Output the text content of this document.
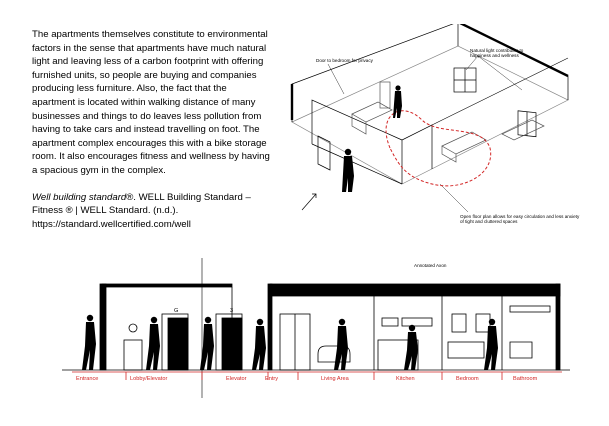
The apartments themselves constitute to environmental factors in the sense that apartments have much natural light and leaving less of a carbon footprint with offering furnished units, so people are buying and companies producing less furniture. Also, the fact that the apartment is located within walking distance of many businesses and things to do leaves less pollution from having to take cars and instead travelling on foot. The apartment complex encourages this with a bike storage room. It also encourages fitness and wellness by having a spacious gym in the complex.

Well building standard®. WELL Building Standard – Fitness ® | WELL Standard. (n.d.).
https://standard.wellcertified.com/well

Door to bedroom for privacy
Natural light contributes to happiness and wellness
Open floor plan allows for easy circulation and less anxiety of tight and cluttered spaces
Annotated Axon
Entrance	Lobby/Elevator	Elevator	Entry	Living Area	Kitchen	Bedroom	Bathroom
G	3
